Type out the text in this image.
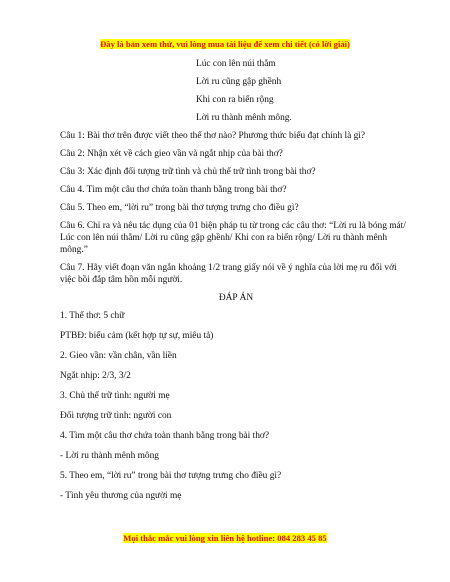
Đây là bản xem thử, vui lòng mua tài liệu để xem chi tiết (có lời giải)

Lúc con lên núi thẳm

Lời ru cũng gập ghềnh

Khi con ra biển rộng

Lời ru thành mênh mông.

Câu 1: Bài thơ trên được viết theo thể thơ nào? Phương thức biểu đạt chính là gì?

Câu 2: Nhận xét về cách gieo vần và ngắt nhịp của bài thơ?

Câu 3: Xác định đối tượng trữ tình và chủ thể trữ tình trong bài thơ?

Câu 4. Tìm một câu thơ chứa toàn thanh bằng trong bài thơ?

Câu 5. Theo em, “lời ru” trong bài thơ tượng trưng cho điều gì?

Câu 6. Chỉ ra và nêu tác dụng của 01 biện pháp tu từ trong các câu thơ: “Lời ru là bóng mát/ Lúc con lên núi thẳm/ Lời ru cũng gập ghềnh/ Khi con ra biển rộng/ Lời ru thành mênh mông.”

Câu 7. Hãy viết đoạn văn ngắn khoảng 1/2 trang giấy nói về ý nghĩa của lời mẹ ru đối với việc bồi đắp tâm hồn mỗi người.

ĐÁP ÁN

1. Thể thơ: 5 chữ

PTBĐ: biểu cảm (kết hợp tự sự, miêu tả)

2. Gieo vần: vần chân, vần liền

Ngắt nhịp: 2/3, 3/2

3. Chủ thể trữ tình: người mẹ

Đối tượng trữ tình: người con

4. Tìm một câu thơ chứa toàn thanh bằng trong bài thơ?

- Lời ru thành mênh mông

5. Theo em, “lời ru” trong bài thơ tượng trưng cho điều gì?

- Tình yêu thương của người mẹ

Mọi thắc mắc vui lòng xin liên hệ hotline: 084 283 45 85
